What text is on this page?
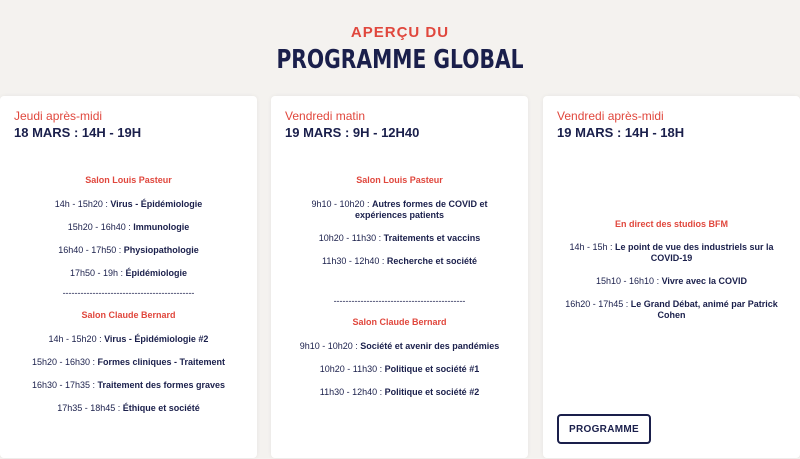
APERÇU DU
PROGRAMME GLOBAL
Jeudi après-midi
18 MARS : 14H - 19H
Salon Louis Pasteur
14h - 15h20 : Virus - Épidémiologie
15h20 - 16h40 : Immunologie
16h40 - 17h50 : Physiopathologie
17h50 - 19h : Épidémiologie
--------------------------------------------
Salon Claude Bernard
14h - 15h20 : Virus - Épidémiologie #2
15h20 - 16h30 : Formes cliniques - Traitement
16h30 - 17h35 : Traitement des formes graves
17h35 - 18h45 : Éthique et société
Vendredi matin
19 MARS : 9H - 12H40
Salon Louis Pasteur
9h10 - 10h20 : Autres formes de COVID et expériences patients
10h20 - 11h30 : Traitements et vaccins
11h30 - 12h40 : Recherche et société
--------------------------------------------
Salon Claude Bernard
9h10 - 10h20 : Société et avenir des pandémies
10h20 - 11h30 : Politique et société #1
11h30 - 12h40 : Politique et société #2
Vendredi après-midi
19 MARS : 14H - 18H
En direct des studios BFM
14h - 15h : Le point de vue des industriels sur la COVID-19
15h10 - 16h10 : Vivre avec la COVID
16h20 - 17h45 : Le Grand Débat, animé par Patrick Cohen
PROGRAMME
